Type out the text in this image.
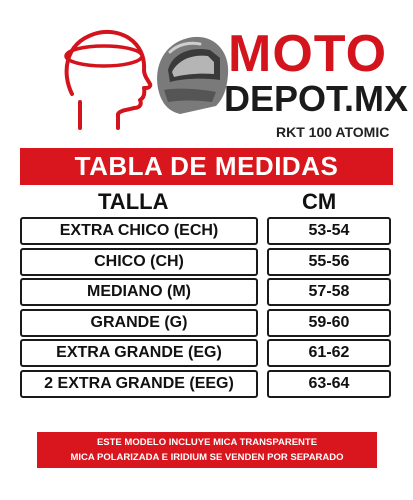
MOTO
DEPOT.MX
RKT 100 ATOMIC
TABLA DE MEDIDAS
TALLA	CM
EXTRA CHICO (ECH)	53-54
CHICO (CH)	55-56
MEDIANO (M)	57-58
GRANDE (G)	59-60
EXTRA GRANDE (EG)	61-62
2 EXTRA GRANDE (EEG)	63-64
ESTE MODELO INCLUYE MICA TRANSPARENTE
MICA POLARIZADA E IRIDIUM SE VENDEN POR SEPARADO
